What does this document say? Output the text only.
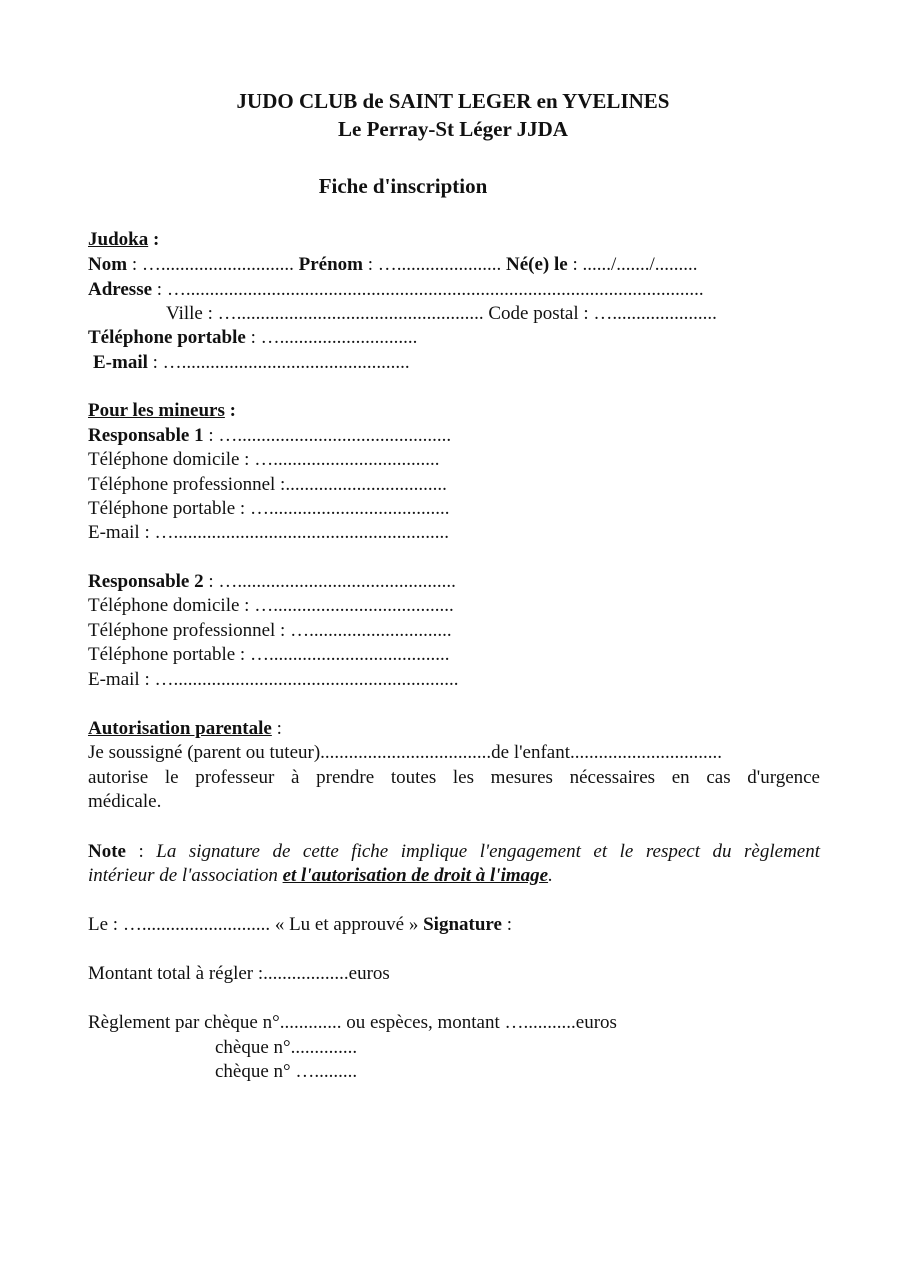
JUDO CLUB de SAINT LEGER en YVELINES
Le Perray-St Léger JJDA
Fiche d'inscription
Judoka :
Nom : …............................ Prénom : …...................... Né(e) le : ....../......./.........
Adresse : ….............................................................................................................
Ville : ….................................................... Code postal : …......................
Téléphone portable : ….............................
E-mail : …................................................
Pour les mineurs :
Responsable 1 : ….............................................
Téléphone domicile : …...................................
Téléphone professionnel :..................................
Téléphone portable : …......................................
E-mail : …..........................................................
Responsable 2 : …..............................................
Téléphone domicile : …......................................
Téléphone professionnel : …..............................
Téléphone portable : …......................................
E-mail : …............................................................
Autorisation parentale :
Je soussigné (parent ou tuteur)....................................de l'enfant................................
autorise le professeur à prendre toutes les mesures nécessaires en cas d'urgence
médicale.
Note : La signature de cette fiche implique l'engagement et le respect du règlement
intérieur de l'association et l'autorisation de droit à l'image.
Le : …........................... « Lu et approuvé » Signature :
Montant total à régler :..................euros
Règlement par chèque n°............. ou espèces, montant …...........euros
chèque n°..............
chèque n° ….........
